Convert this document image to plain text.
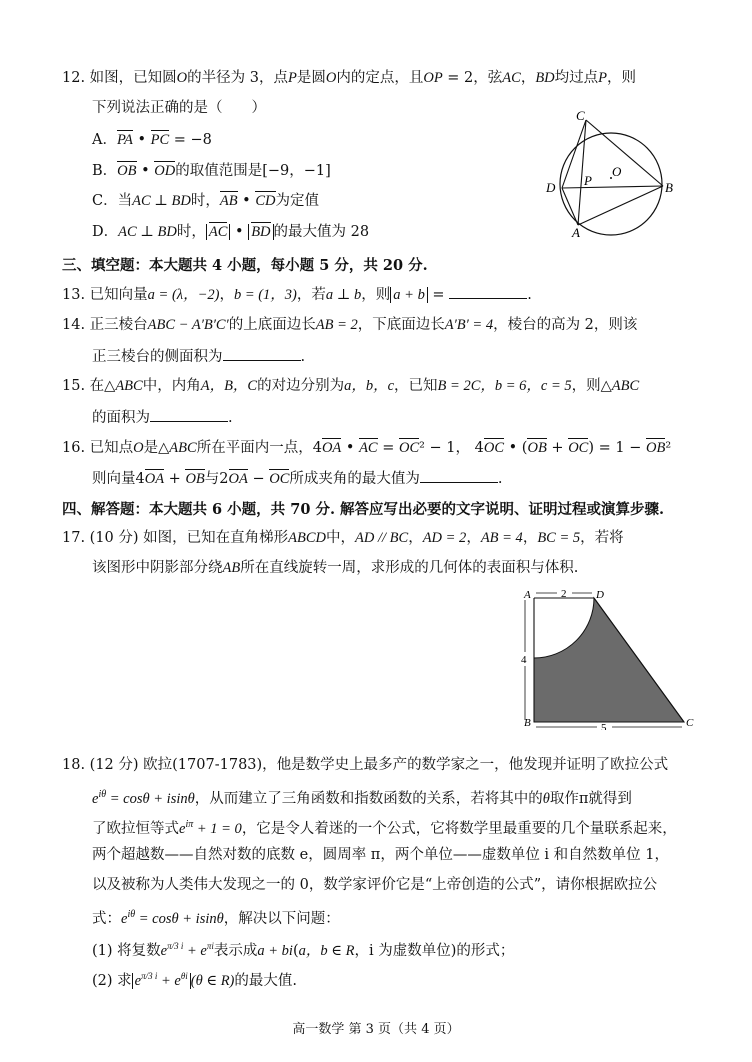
12. 如图，已知圆O的半径为 3，点P是圆O内的定点，且OP = 2，弦AC，BD均过点P，则
下列说法正确的是（　　）
A．PA • PC = −8
B．OB • OD的取值范围是[−9，−1]
C．当AC ⊥ BD时，AB • CD为定值
D．AC ⊥ BD时， AC • BD 的最大值为 28
C
D P
O
B
A
三、填空题：本大题共 4 小题，每小题 5 分，共 20 分.
13. 已知向量a = (λ，−2)，b = (1，3)，若a ⊥ b，则 a + b =	.
14. 正三棱台ABC − A′B′C′的上底面边长AB = 2，下底面边长A′B′ = 4，棱台的高为 2，则该
正三棱台的侧面积为	.
15. 在△ABC中，内角A，B，C的对边分别为a，b，c，已知B = 2C，b = 6，c = 5，则△ABC
的面积为	.
16. 已知点O是△ABC所在平面内一点，4OA • AC = OC² − 1， 4OC • (OB + OC) = 1 − OB²
则向量4OA + OB与2OA − OC所成夹角的最大值为	.
四、解答题：本大题共 6 小题，共 70 分. 解答应写出必要的文字说明、证明过程或演算步骤.
17. (10 分) 如图，已知在直角梯形ABCD中，AD // BC，AD = 2，AB = 4，BC = 5，若将
该图形中阴影部分绕AB所在直线旋转一周，求形成的几何体的表面积与体积.
2
4
5
A	D
B	C
18. (12 分) 欧拉(1707-1783)，他是数学史上最多产的数学家之一，他发现并证明了欧拉公式
$e^{i\theta} = \cos\theta + isin\theta$，从而建立了三角函数和指数函数的关系，若将其中的θ取作π就得到
了欧拉恒等式$e^{i\pi} + 1 = 0$，它是令人着迷的一个公式，它将数学里最重要的几个量联系起来，
两个超越数——自然对数的底数 e，圆周率 π，两个单位——虚数单位 i 和自然数单位 1，
以及被称为人类伟大发现之一的 0，数学家评价它是“上帝创造的公式”，请你根据欧拉公
式：$e^{i\theta} = \cos\theta + isin\theta$，解决以下问题：
(1) 将复数$e^{\pi/3 i} + e^{\pi i}$表示成a + bi(a，b ∈ R，i 为虚数单位)的形式；
(2) 求 $e^{\pi/3 i} + e^{\theta i}$ (θ ∈ R)的最大值.
高一数学 第 3 页（共 4 页）
